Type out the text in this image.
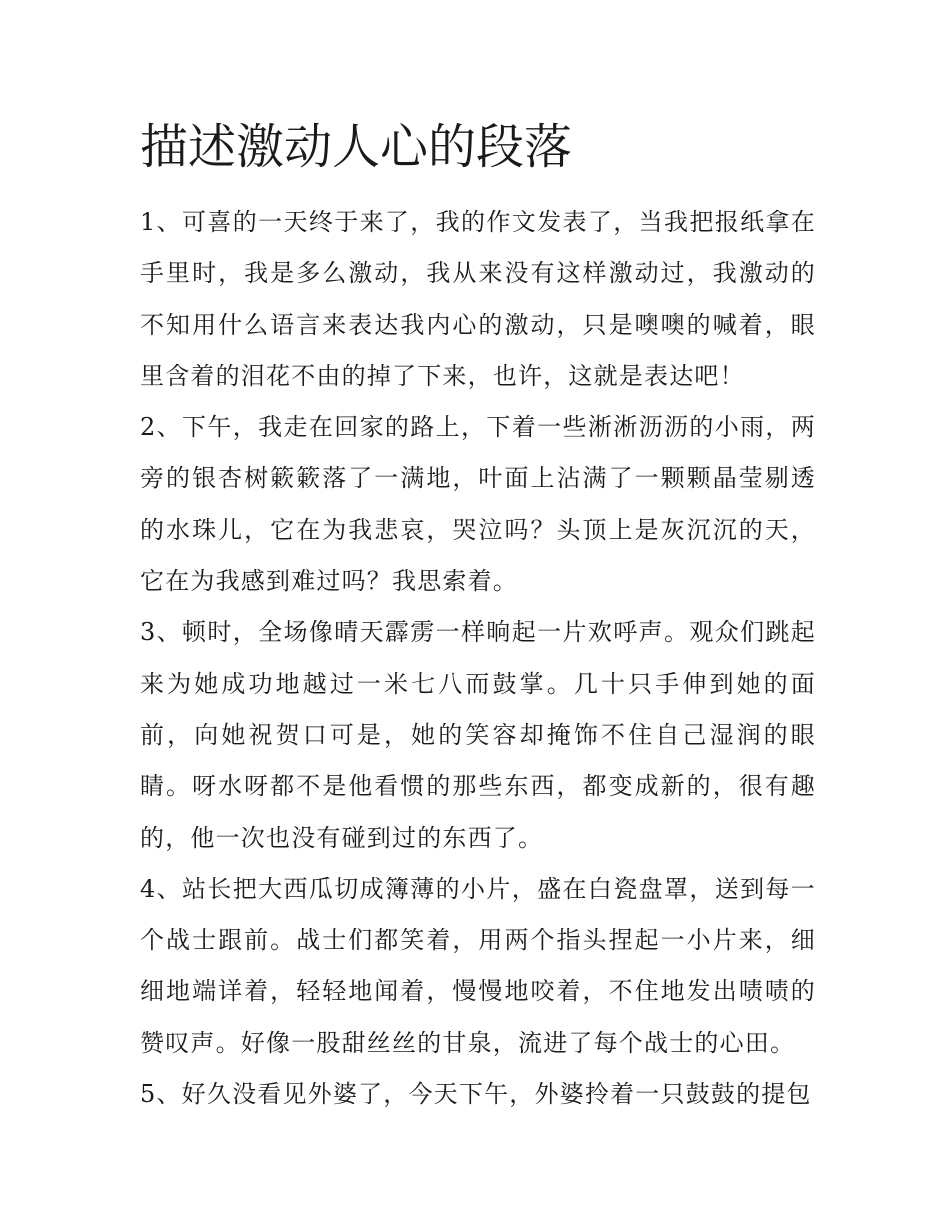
描述激动人心的段落

1、可喜的一天终于来了，我的作文发表了，当我把报纸拿在手里时，我是多么激动，我从来没有这样激动过，我激动的不知用什么语言来表达我内心的激动，只是噢噢的喊着，眼里含着的泪花不由的掉了下来，也许，这就是表达吧！

2、下午，我走在回家的路上，下着一些淅淅沥沥的小雨，两旁的银杏树簌簌落了一满地，叶面上沾满了一颗颗晶莹剔透的水珠儿，它在为我悲哀，哭泣吗？头顶上是灰沉沉的天，它在为我感到难过吗？我思索着。

3、顿时，全场像晴天霹雳一样晌起一片欢呼声。观众们跳起来为她成功地越过一米七八而鼓掌。几十只手伸到她的面前，向她祝贺口可是，她的笑容却掩饰不住自己湿润的眼睛。呀水呀都不是他看惯的那些东西，都变成新的，很有趣的，他一次也没有碰到过的东西了。

4、站长把大西瓜切成簿薄的小片，盛在白瓷盘罩，送到每一个战士跟前。战士们都笑着，用两个指头捏起一小片来，细细地端详着，轻轻地闻着，慢慢地咬着，不住地发出啧啧的赞叹声。好像一股甜丝丝的甘泉，流进了每个战士的心田。

5、好久没看见外婆了，今天下午，外婆拎着一只鼓鼓的提包
